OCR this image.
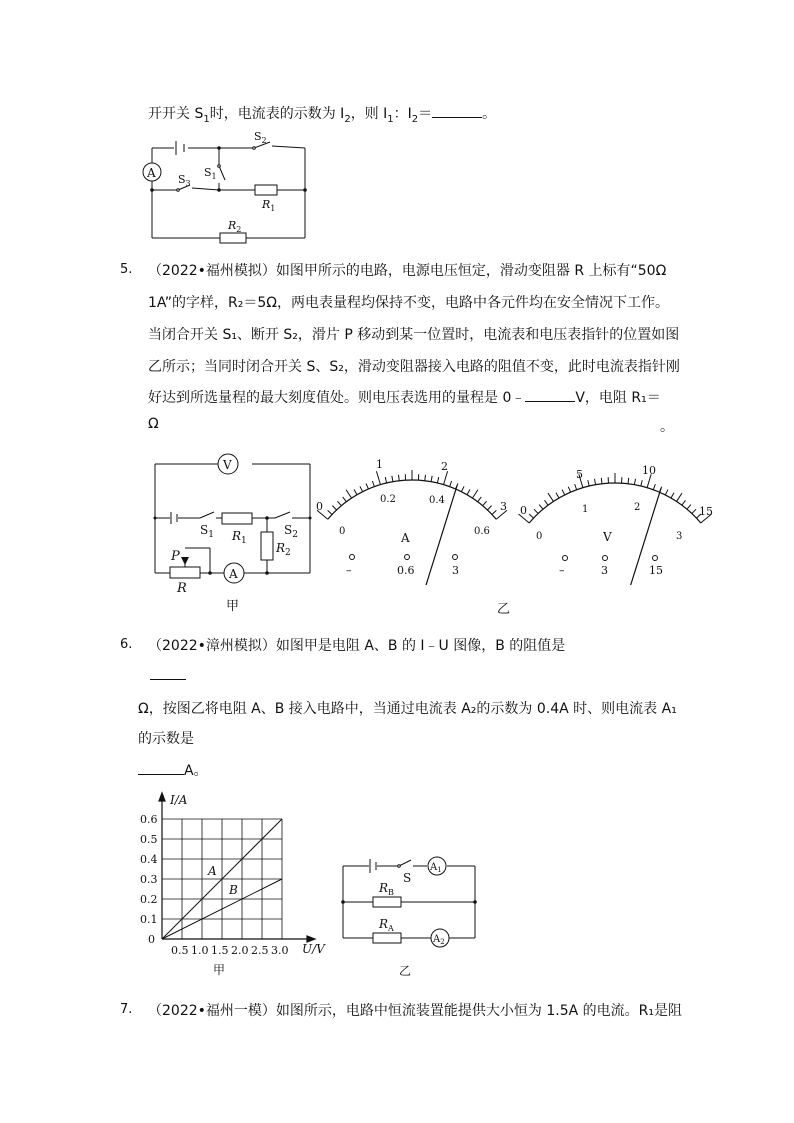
开开关 $S_1$时，电流表的示数为 $I_2$，则 $I_1$：$I_2=$	。
A
$S_2$
$S_1$
$S_3$
$R_1$
$R_2$
5. （2022•福州模拟）如图甲所示的电路，电源电压恒定，滑动变阻器 R 上标有“50Ω
1A”的字样，R₂＝5Ω，两电表量程均保持不变，电路中各元件均在安全情况下工作。
当闭合开关 S₁、断开 S₂，滑片 P 移动到某一位置时，电流表和电压表指针的位置如图
乙所示；当同时闭合开关 S、S₂，滑动变阻器接入电路的阻值不变，此时电流表指针刚
好达到所选量程的最大刻度值处。则电压表选用的量程是 0﹣	V，电阻 R₁＝
Ω	。
V
A
$S_1$	$S_2$
$R_1$ $R_2$
P
R
甲
0
1	2
3
0
0.2	0.4
0.6
A
–	0.6	3
0
5	10
15
0
1	2
3
V
–	3	15
乙
6. （2022•漳州模拟）如图甲是电阻 A、B 的 I﹣U 图像，B 的阻值是
Ω，按图乙将电阻 A、B 接入电路中，当通过电流表 A₂的示数为 0.4A 时、则电流表 A₁
的示数是
A。
I/A
U/V
0.6
0.5
0.4
0.3
0.2
0.1
0
0.5 1.0 1.5 2.0 2.5 3.0
A
B
甲
$A_1$
$A_2$
S
$R_B$
$R_A$
乙
7. （2022•福州一模）如图所示，电路中恒流装置能提供大小恒为 1.5A 的电流。R₁是阻
